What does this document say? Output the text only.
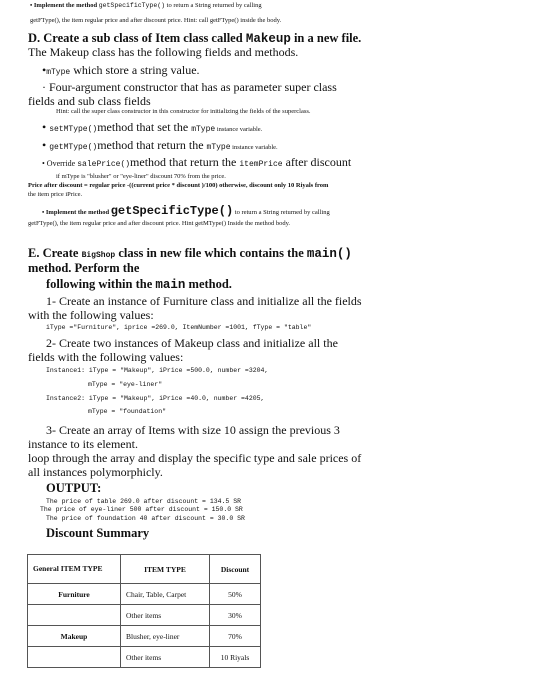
• Implement the method getSpecificType() to return a String returned by calling
getFType(), the item regular price and after discount price. Hint: call getFType() inside the body.
D. Create a sub class of Item class called Makeup in a new file.
The Makeup class has the following fields and methods.
•mType which store a string value.
· Four-argument constructor that has as parameter super class
fields and sub class fields
Hint: call the super class constructor in this constructor for initializing the fields of the superclass.
• setMType()method that set the mType instance variable.
• getMType()method that return the mType instance variable.
• Override salePrice()method that return the itemPrice after discount
if mType is "blusher" or "eye-liner" discount 70% from the price.
Price after discount = regular price -((current price * discount )/100) otherwise, discount only 10 Riyals from
the item price iPrice.
• Implement the method getSpecificType() to return a String returned by calling
getFType(), the item regular price and after discount price. Hint getMType() Inside the method body.
E. Create BigShop class in new file which contains the main()
method. Perform the
following within the main method.
1- Create an instance of Furniture class and initialize all the fields
with the following values:
iType ="Furniture", iprice =269.0, ItemNumber =1001, fType = "table"
2- Create two instances of Makeup class and initialize all the
fields with the following values:
Instance1: iType = "Makeup", iPrice =500.0, number =3204,
mType = "eye-liner"
Instance2: iType = "Makeup", iPrice =40.0, number =4205,
mType = "foundation"
3- Create an array of Items with size 10 assign the previous 3
instance to its element.
loop through the array and display the specific type and sale prices of
all instances polymorphicly.
OUTPUT:
The price of table 269.0 after discount = 134.5 SR
The price of eye-liner 500 after discount = 150.0 SR
The price of foundation 40 after discount = 30.0 SR
Discount Summary
General ITEM TYPE	ITEM TYPE	Discount
Furniture	Chair, Table, Carpet	50%
	Other items	30%
Makeup	Blusher, eye-liner	70%
	Other items	10 Riyals
